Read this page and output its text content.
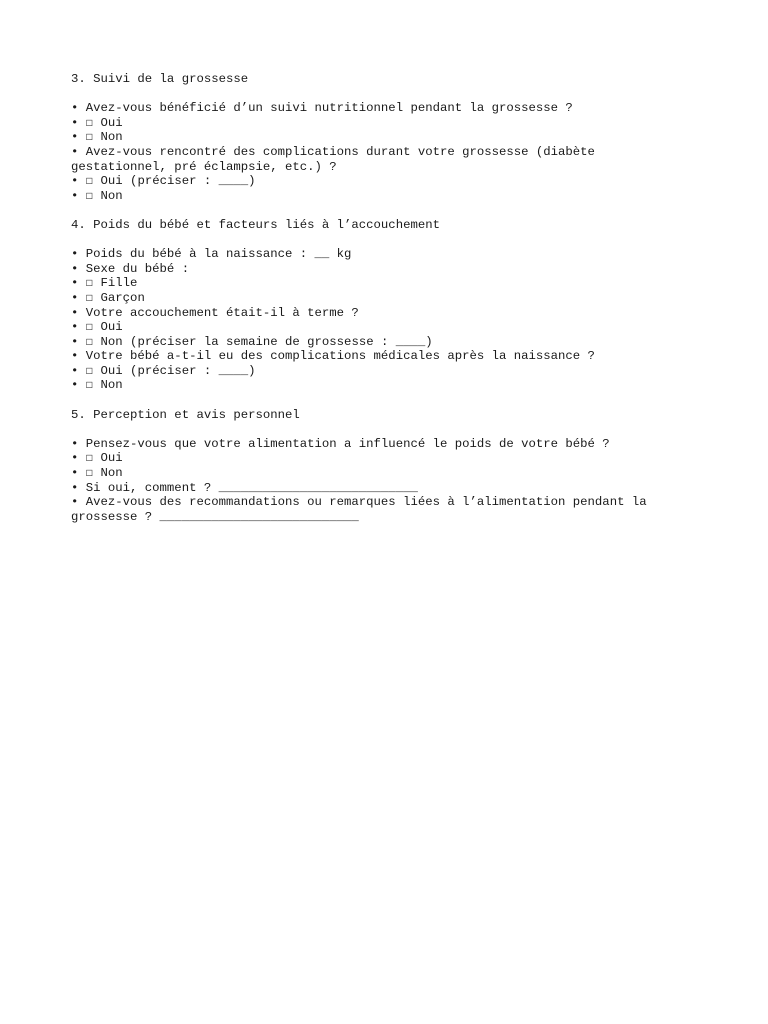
3. Suivi de la grossesse
• Avez-vous bénéficié d’un suivi nutritionnel pendant la grossesse ?
• ☐ Oui
• ☐ Non
• Avez-vous rencontré des complications durant votre grossesse (diabète gestationnel, pré éclampsie, etc.) ?
• ☐ Oui (préciser : ____)
• ☐ Non
4. Poids du bébé et facteurs liés à l’accouchement
• Poids du bébé à la naissance : __ kg
• Sexe du bébé :
• ☐ Fille
• ☐ Garçon
• Votre accouchement était-il à terme ?
• ☐ Oui
• ☐ Non (préciser la semaine de grossesse : ____)
• Votre bébé a-t-il eu des complications médicales après la naissance ?
• ☐ Oui (préciser : ____)
• ☐ Non
5. Perception et avis personnel
• Pensez-vous que votre alimentation a influencé le poids de votre bébé ?
• ☐ Oui
• ☐ Non
• Si oui, comment ? ___________________________
• Avez-vous des recommandations ou remarques liées à l’alimentation pendant la grossesse ? ___________________________
